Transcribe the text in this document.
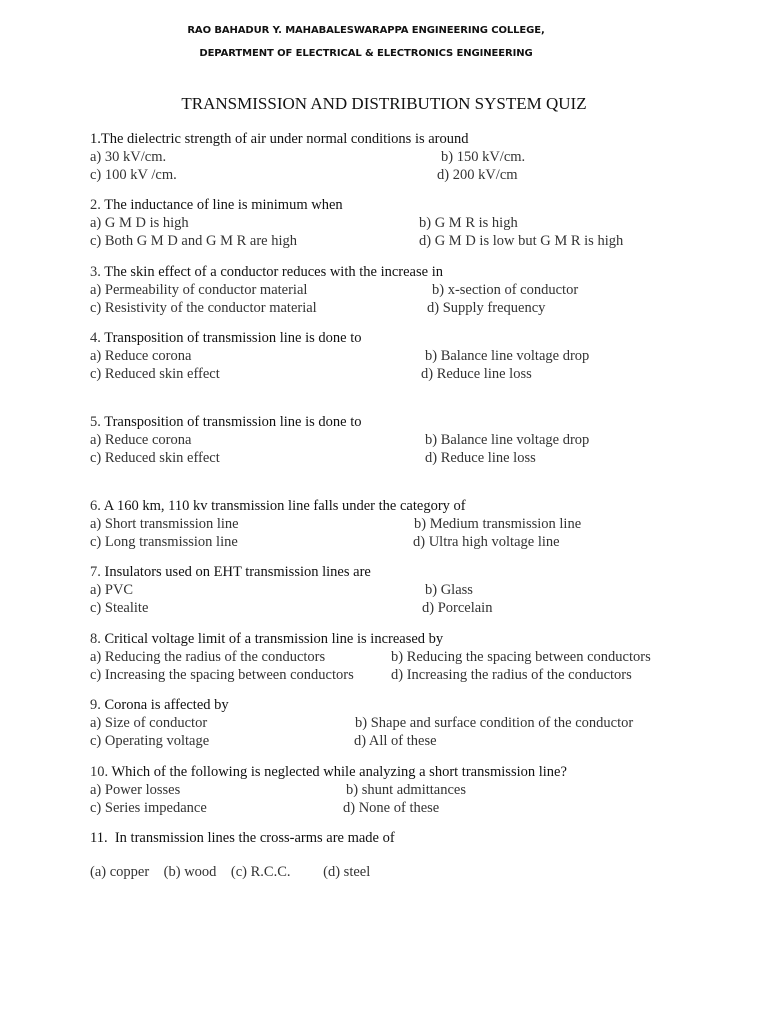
RAO BAHADUR Y. MAHABALESWARAPPA ENGINEERING COLLEGE,
DEPARTMENT OF ELECTRICAL & ELECTRONICS ENGINEERING
TRANSMISSION AND DISTRIBUTION SYSTEM QUIZ
1.The dielectric strength of air under normal conditions is around
a) 30 kV/cm.	b) 150 kV/cm.
c) 100 kV /cm.	d) 200 kV/cm
2. The inductance of line is minimum when
a) G M D is high	b) G M R is high
c) Both G M D and G M R are high	d) G M D is low but G M R is high
3. The skin effect of a conductor reduces with the increase in
a) Permeability of conductor material	b) x-section of conductor
c) Resistivity of the conductor material	d) Supply frequency
4. Transposition of transmission line is done to
a) Reduce corona	b) Balance line voltage drop
c) Reduced skin effect	d) Reduce line loss
5. Transposition of transmission line is done to
a) Reduce corona	b) Balance line voltage drop
c) Reduced skin effect	d) Reduce line loss
6. A 160 km, 110 kv transmission line falls under the category of
a) Short transmission line	b) Medium transmission line
c) Long transmission line	d) Ultra high voltage line
7. Insulators used on EHT transmission lines are
a) PVC	b) Glass
c) Stealite	d) Porcelain
8. Critical voltage limit of a transmission line is increased by
a) Reducing the radius of the conductors	b) Reducing the spacing between conductors
c) Increasing the spacing between conductors	d) Increasing the radius of the conductors
9. Corona is affected by
a) Size of conductor	b) Shape and surface condition of the conductor
c) Operating voltage	d) All of these
10. Which of the following is neglected while analyzing a short transmission line?
a) Power losses	b) shunt admittances
c) Series impedance	d) None of these
11.  In transmission lines the cross-arms are made of
(a) copper    (b) wood    (c) R.C.C.         (d) steel
